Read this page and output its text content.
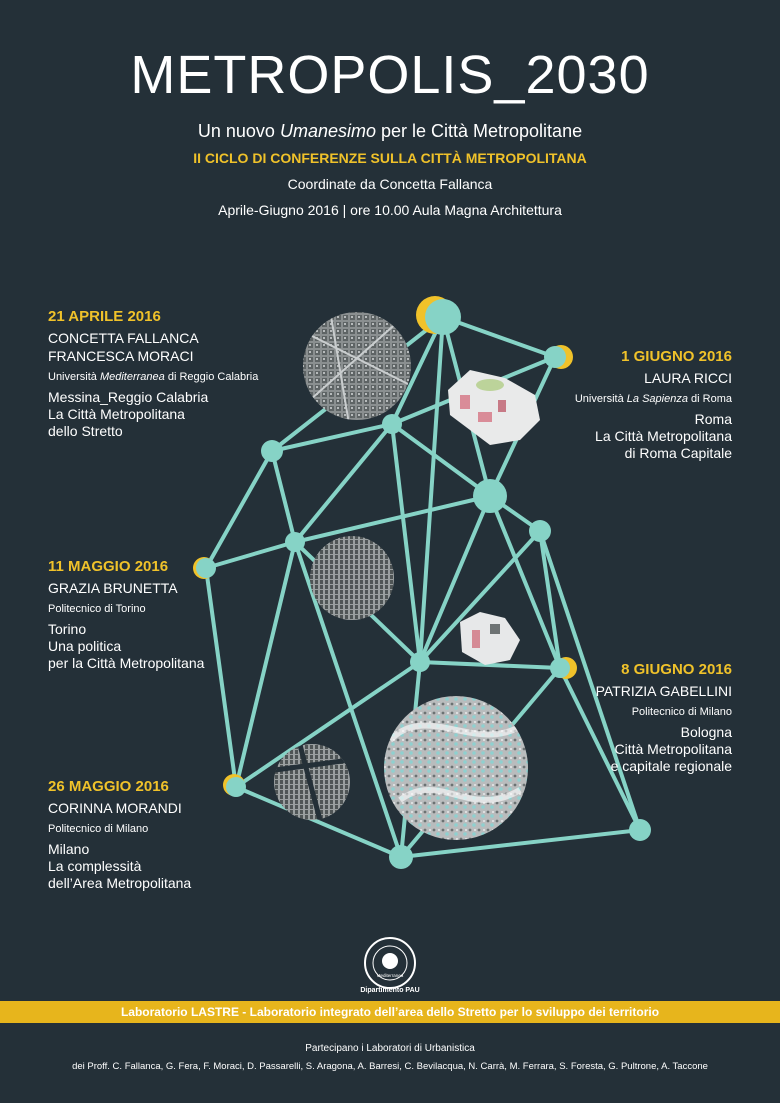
METROPOLIS_2030
Un nuovo Umanesimo per le Città Metropolitane
II CICLO DI CONFERENZE SULLA CITTÀ METROPOLITANA
Coordinate da Concetta Fallanca
Aprile-Giugno 2016 | ore 10.00 Aula Magna Architettura
21 APRILE 2016
CONCETTA FALLANCA
FRANCESCA MORACI
Università Mediterranea di Reggio Calabria
Messina_Reggio Calabria
La Città Metropolitana
dello Stretto
1 GIUGNO 2016
LAURA RICCI
Università La Sapienza di Roma
Roma
La Città Metropolitana
di Roma Capitale
11 MAGGIO 2016
GRAZIA BRUNETTA
Politecnico di Torino
Torino
Una politica
per la Città Metropolitana	8 GIUGNO 2016
PATRIZIA GABELLINI
Politecnico di Milano
Bologna
Città Metropolitana
e capitale regionale
26 MAGGIO 2016
CORINNA MORANDI
Politecnico di Milano
Milano
La complessità
dell’Area Metropolitana
Mediterranea
Dipartimento PAU
Laboratorio LASTRE - Laboratorio integrato dell’area dello Stretto per lo sviluppo dei territorio
Partecipano i Laboratori di Urbanistica
dei Proff. C. Fallanca, G. Fera, F. Moraci, D. Passarelli, S. Aragona, A. Barresi, C. Bevilacqua, N. Carrà, M. Ferrara, S. Foresta, G. Pultrone, A. Taccone
